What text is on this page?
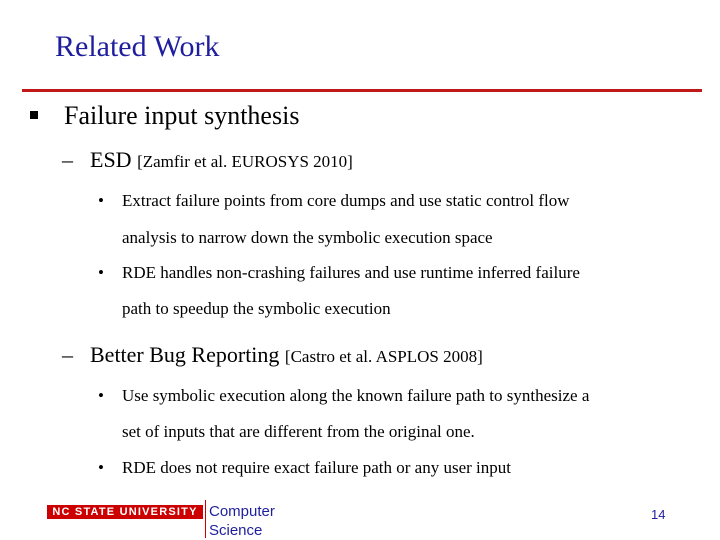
Related Work
Failure input synthesis
– ESD [Zamfir et al. EUROSYS 2010]
• Extract failure points from core dumps and use static control flow
analysis to narrow down the symbolic execution space
• RDE handles non-crashing failures and use runtime inferred failure
path to speedup the symbolic execution
– Better Bug Reporting [Castro et al. ASPLOS 2008]
• Use symbolic execution along the known failure path to synthesize a
set of inputs that are different from the original one.
• RDE does not require exact failure path or any user input
NC STATE UNIVERSITY Computer
Science
14
